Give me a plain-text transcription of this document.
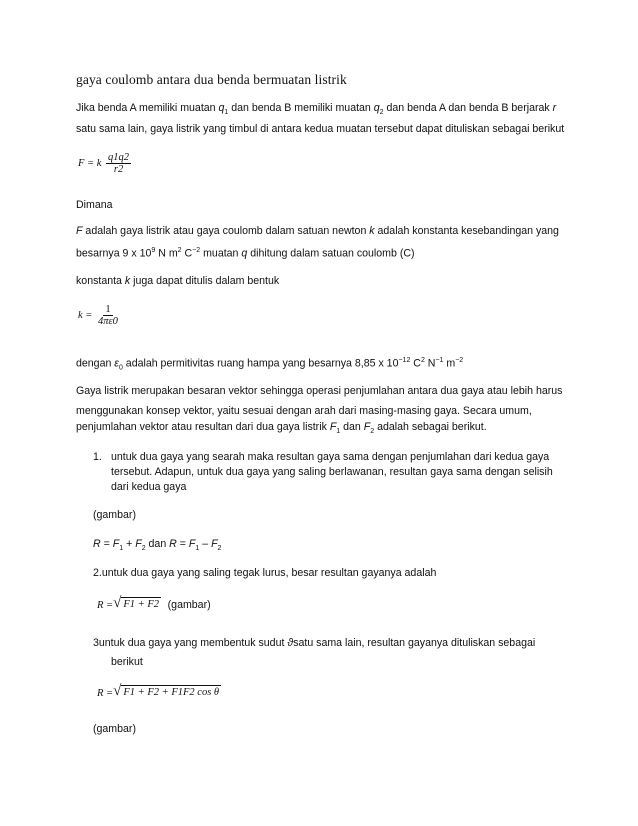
gaya coulomb antara dua benda bermuatan listrik
Jika benda A memiliki muatan $q_1$ dan benda B memiliki muatan $q_2$ dan benda A dan benda B berjarak r
satu sama lain, gaya listrik yang timbul di antara kedua muatan tersebut dapat dituliskan sebagai berikut
F = k $\frac{q1q2}{r2}$
Dimana
F adalah gaya listrik atau gaya coulomb dalam satuan newton k adalah konstanta kesebandingan yang
besarnya 9 x $10^9$ N $m^2$ $C^{-2}$ muatan q dihitung dalam satuan coulomb (C)
konstanta k juga dapat ditulis dalam bentuk
$k = \frac{1}{4\pi\varepsilon 0}$
dengan $\varepsilon_0$ adalah permitivitas ruang hampa yang besarnya 8,85 x $10^{-12}$ $C^2$ $N^{-1}$ $m^{-2}$
Gaya listrik merupakan besaran vektor sehingga operasi penjumlahan antara dua gaya atau lebih harus
menggunakan konsep vektor, yaitu sesuai dengan arah dari masing-masing gaya. Secara umum,
penjumlahan vektor atau resultan dari dua gaya listrik $F_1$ dan $F_2$ adalah sebagai berikut.
1. untuk dua gaya yang searah maka resultan gaya sama dengan penjumlahan dari kedua gaya
tersebut. Adapun, untuk dua gaya yang saling berlawanan, resultan gaya sama dengan selisih
dari kedua gaya
(gambar)
$R = F_1 + F_2$ dan $R = F_1 - F_2$
2.untuk dua gaya yang saling tegak lurus, besar resultan gayanya adalah
R = √ F1 + F2 (gambar)
3untuk dua gaya yang membentuk sudut ϑsatu sama lain, resultan gayanya dituliskan sebagai
berikut
R = √ F1 + F2 + F1F2 cos θ
(gambar)
